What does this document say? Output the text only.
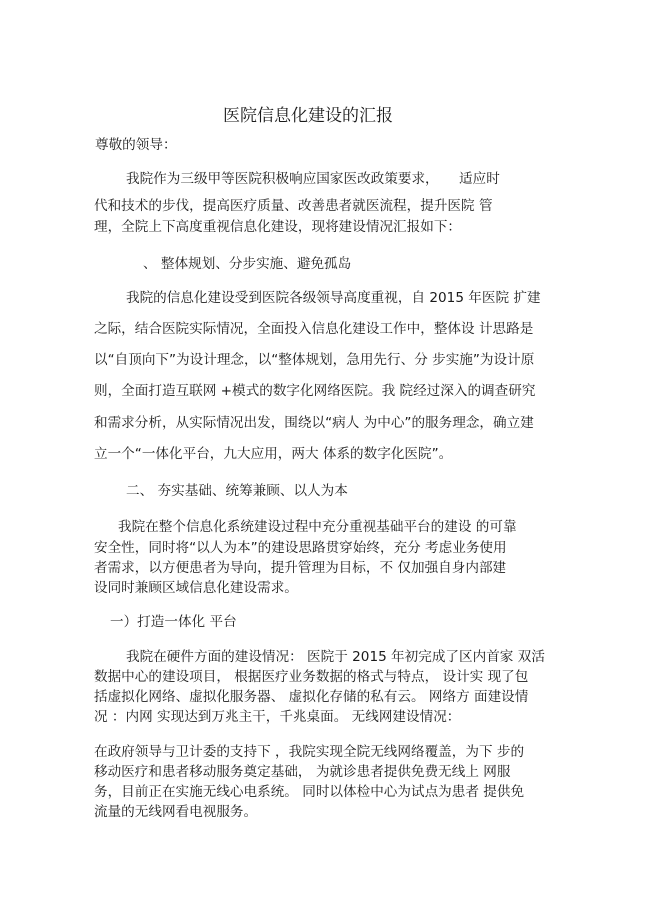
医院信息化建设的汇报
尊敬的领导：
我院作为三级甲等医院积极响应国家医改政策要求，　　适应时
代和技术的步伐，提高医疗质量、改善患者就医流程，提升医院 管
理，全院上下高度重视信息化建设，现将建设情况汇报如下：
、 整体规划、分步实施、避免孤岛
我院的信息化建设受到医院各级领导高度重视，自 2015 年医院 扩建
之际，结合医院实际情况，全面投入信息化建设工作中，整体设 计思路是
以“自顶向下”为设计理念，以“整体规划，急用先行、分 步实施”为设计原
则，全面打造互联网 +模式的数字化网络医院。我 院经过深入的调查研究
和需求分析，从实际情况出发，围绕以“病人 为中心”的服务理念，确立建
立一个“一体化平台，九大应用，两大 体系的数字化医院”。
二、 夯实基础、统筹兼顾、以人为本
我院在整个信息化系统建设过程中充分重视基础平台的建设 的可靠
安全性，同时将“以人为本”的建设思路贯穿始终，充分 考虑业务使用
者需求，以方便患者为导向，提升管理为目标，不 仅加强自身内部建
设同时兼顾区域信息化建设需求。
一）打造一体化 平台
我院在硬件方面的建设情况： 医院于 2015 年初完成了区内首家 双活
数据中心的建设项目， 根据医疗业务数据的格式与特点， 设计实 现了包
括虚拟化网络、虚拟化服务器、 虚拟化存储的私有云。 网络方 面建设情
况 ：内网 实现达到万兆主干，千兆桌面。 无线网建设情况：
在政府领导与卫计委的支持下 ，我院实现全院无线网络覆盖，为下 步的
移动医疗和患者移动服务奠定基础， 为就诊患者提供免费无线上 网服
务，目前正在实施无线心电系统。 同时以体检中心为试点为患者 提供免
流量的无线网看电视服务。
